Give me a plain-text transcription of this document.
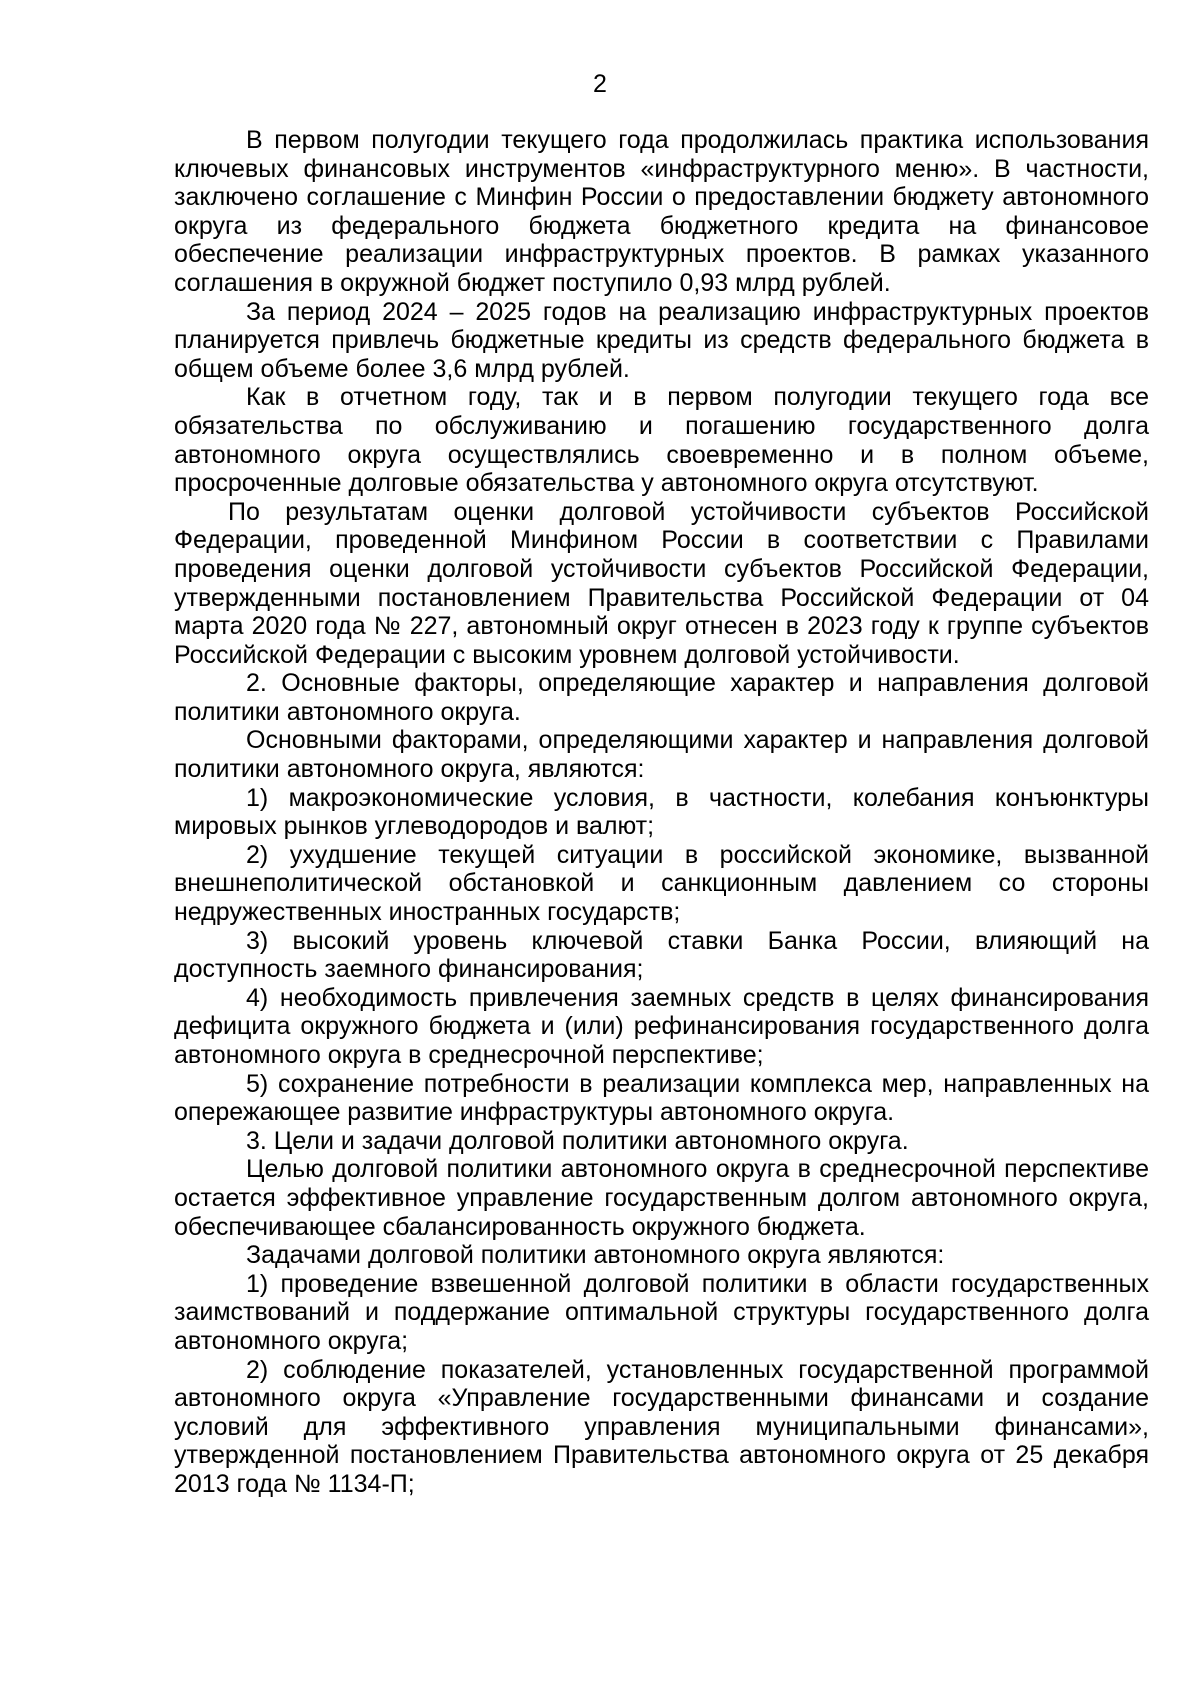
2

В первом полугодии текущего года продолжилась практика использования ключевых финансовых инструментов «инфраструктурного меню». В частности, заключено соглашение с Минфин России о предоставлении бюджету автономного округа из федерального бюджета бюджетного кредита на финансовое обеспечение реализации инфраструктурных проектов. В рамках указанного соглашения в окружной бюджет поступило 0,93 млрд рублей.

За период 2024 – 2025 годов на реализацию инфраструктурных проектов планируется привлечь бюджетные кредиты из средств федерального бюджета в общем объеме более 3,6 млрд рублей.

Как в отчетном году, так и в первом полугодии текущего года все обязательства по обслуживанию и погашению государственного долга автономного округа осуществлялись своевременно и в полном объеме, просроченные долговые обязательства у автономного округа отсутствуют.

По результатам оценки долговой устойчивости субъектов Российской Федерации, проведенной Минфином России в соответствии с Правилами проведения оценки долговой устойчивости субъектов Российской Федерации, утвержденными постановлением Правительства Российской Федерации от 04 марта 2020 года № 227, автономный округ отнесен в 2023 году к группе субъектов Российской Федерации с высоким уровнем долговой устойчивости.

2. Основные факторы, определяющие характер и направления долговой политики автономного округа.

Основными факторами, определяющими характер и направления долговой политики автономного округа, являются:

1) макроэкономические условия, в частности, колебания конъюнктуры мировых рынков углеводородов и валют;

2) ухудшение текущей ситуации в российской экономике, вызванной внешнеполитической обстановкой и санкционным давлением со стороны недружественных иностранных государств;

3) высокий уровень ключевой ставки Банка России, влияющий на доступность заемного финансирования;

4) необходимость привлечения заемных средств в целях финансирования дефицита окружного бюджета и (или) рефинансирования государственного долга автономного округа в среднесрочной перспективе;

5) сохранение потребности в реализации комплекса мер, направленных на опережающее развитие инфраструктуры автономного округа.

3. Цели и задачи долговой политики автономного округа.

Целью долговой политики автономного округа в среднесрочной перспективе остается эффективное управление государственным долгом автономного округа, обеспечивающее сбалансированность окружного бюджета.

Задачами долговой политики автономного округа являются:

1) проведение взвешенной долговой политики в области государственных заимствований и поддержание оптимальной структуры государственного долга автономного округа;

2) соблюдение показателей, установленных государственной программой автономного округа «Управление государственными финансами и создание условий для эффективного управления муниципальными финансами», утвержденной постановлением Правительства автономного округа от 25 декабря 2013 года № 1134-П;
